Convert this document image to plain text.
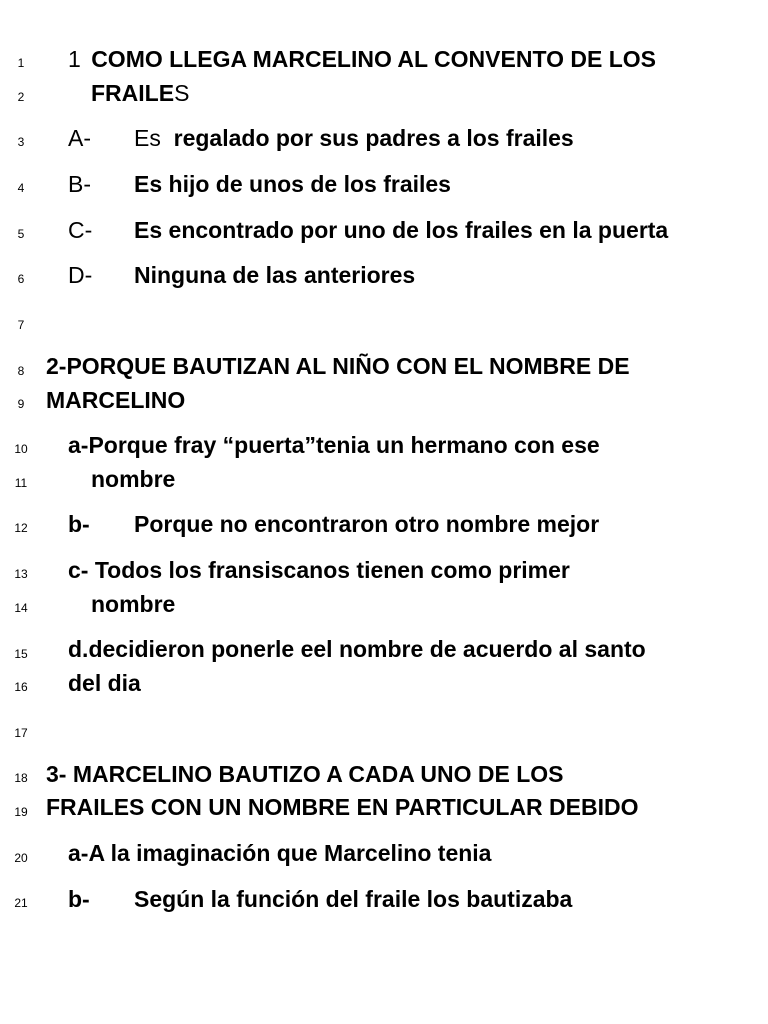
1
2
3
4
5
6
7
8
9
10
11
12
13
14
15
16
17
18
19
20
21
1 COMO LLEGA MARCELINO AL CONVENTO DE LOS
FRAILES
A- Es regalado por sus padres a los frailes
B- Es hijo de unos de los frailes
C- Es encontrado por uno de los frailes en la puerta
D- Ninguna de las anteriores
2-PORQUE BAUTIZAN AL NIÑO CON EL NOMBRE DE
MARCELINO
a-Porque fray “puerta”tenia un hermano con ese
nombre
b- Porque no encontraron otro nombre mejor
c- Todos los fransiscanos tienen como primer
nombre
d.decidieron ponerle eel nombre de acuerdo al santo
del dia
3- MARCELINO BAUTIZO A CADA UNO DE LOS
FRAILES CON UN NOMBRE EN PARTICULAR DEBIDO
a-A la imaginación que Marcelino tenia
b- Según la función del fraile los bautizaba
